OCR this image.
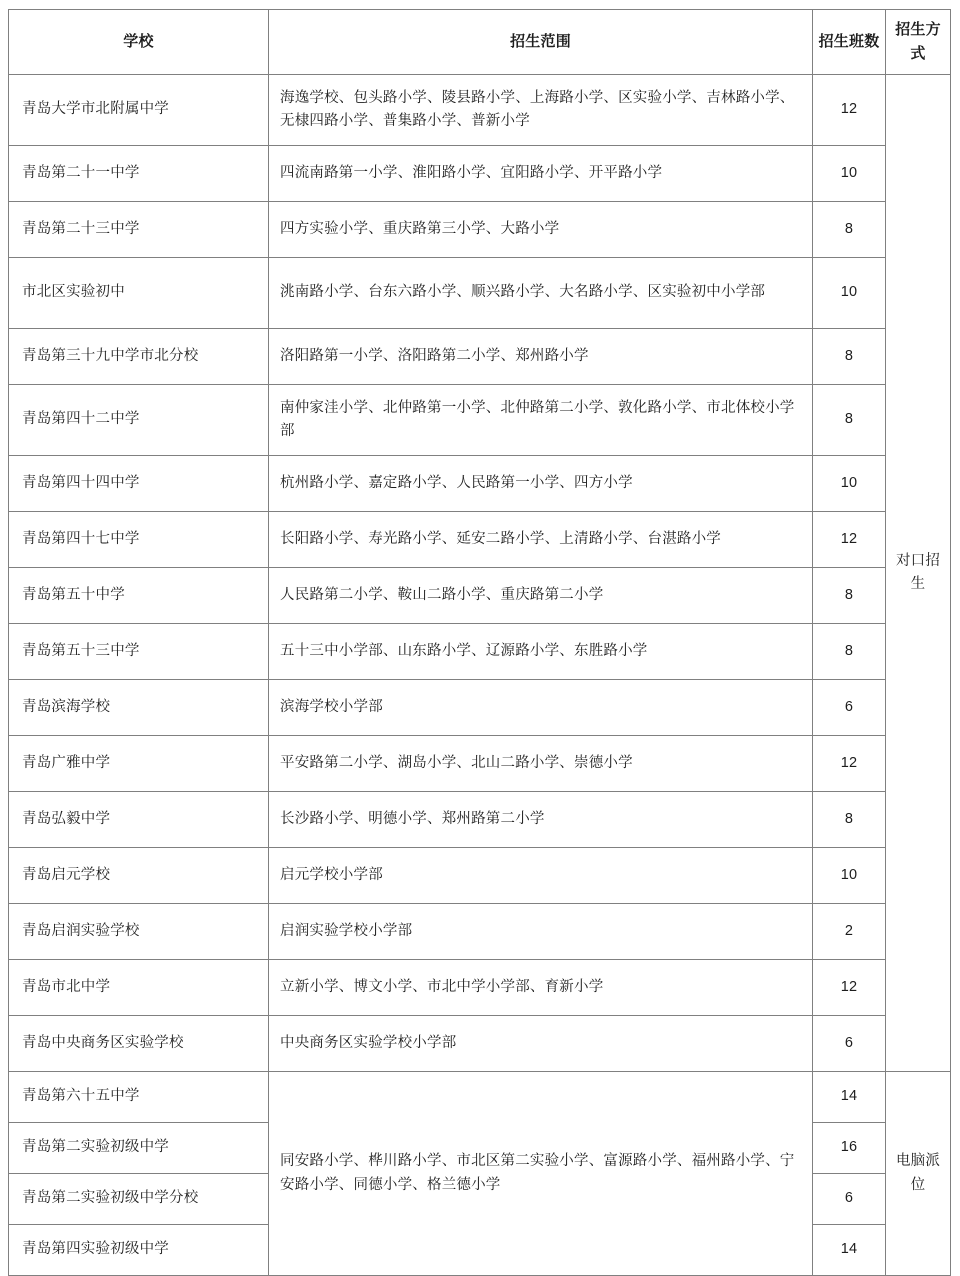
学校	招生范围	招生班数	招生方式
青岛大学市北附属中学	海逸学校、包头路小学、陵县路小学、上海路小学、区实验小学、吉林路小学、无棣四路小学、普集路小学、普新小学	12	对口招生
青岛第二十一中学	四流南路第一小学、淮阳路小学、宜阳路小学、开平路小学	10	
青岛第二十三中学	四方实验小学、重庆路第三小学、大路小学	8	
市北区实验初中	洮南路小学、台东六路小学、顺兴路小学、大名路小学、区实验初中小学部	10	
青岛第三十九中学市北分校	洛阳路第一小学、洛阳路第二小学、郑州路小学	8	
青岛第四十二中学	南仲家洼小学、北仲路第一小学、北仲路第二小学、敦化路小学、市北体校小学部	8	
青岛第四十四中学	杭州路小学、嘉定路小学、人民路第一小学、四方小学	10	
青岛第四十七中学	长阳路小学、寿光路小学、延安二路小学、上清路小学、台湛路小学	12	
青岛第五十中学	人民路第二小学、鞍山二路小学、重庆路第二小学	8	
青岛第五十三中学	五十三中小学部、山东路小学、辽源路小学、东胜路小学	8	
青岛滨海学校	滨海学校小学部	6	
青岛广雅中学	平安路第二小学、湖岛小学、北山二路小学、崇德小学	12	
青岛弘毅中学	长沙路小学、明德小学、郑州路第二小学	8	
青岛启元学校	启元学校小学部	10	
青岛启润实验学校	启润实验学校小学部	2	
青岛市北中学	立新小学、博文小学、市北中学小学部、育新小学	12	
青岛中央商务区实验学校	中央商务区实验学校小学部	6	
青岛第六十五中学	同安路小学、桦川路小学、市北区第二实验小学、富源路小学、福州路小学、宁安路小学、同德小学、格兰德小学	14	电脑派位
青岛第二实验初级中学		16	
青岛第二实验初级中学分校		6	
青岛第四实验初级中学		14	
